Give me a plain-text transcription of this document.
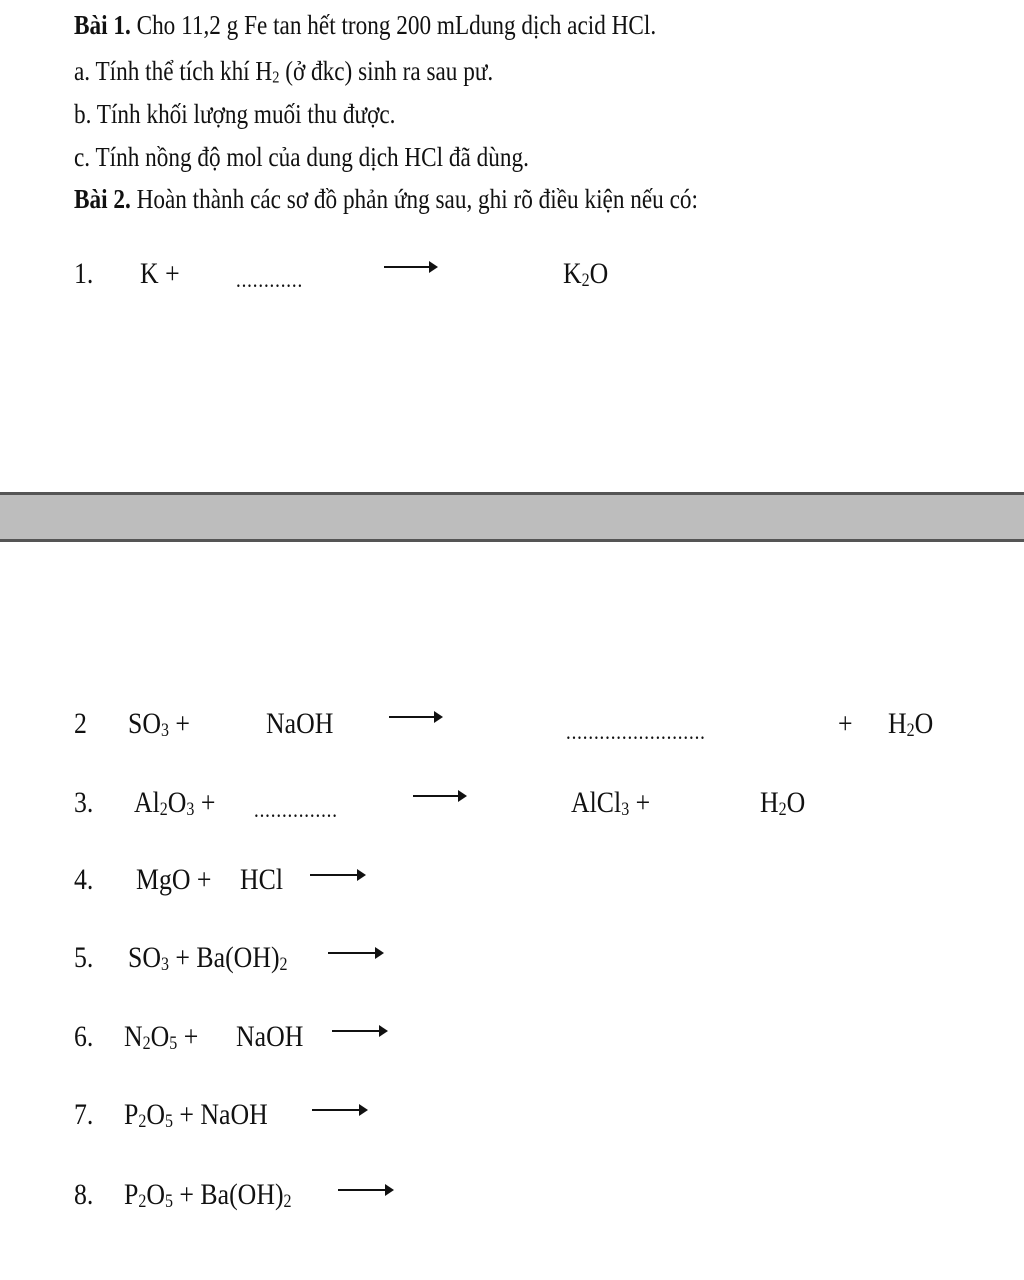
Bài 1. Cho 11,2 g Fe tan hết trong 200 mLdung dịch acid HCl.
a. Tính thể tích khí $H_2$ (ở đkc) sinh ra sau pư.
b. Tính khối lượng muối thu được.
c. Tính nồng độ mol của dung dịch HCl đã dùng.
Bài 2. Hoàn thành các sơ đồ phản ứng sau, ghi rõ điều kiện nếu có:
1. K +	............	$K_2O$
2 $SO_3$ +	NaOH	.........................	+ $H_2O$
3. $Al_2O_3$ + ...............	AlCl$_3$ +	$H_2O$
4. MgO + HCl
5. $SO_3 + Ba(OH)_2$
6. $N_2O_5$ + NaOH
7. $P_2O_5$ + NaOH
8. $P_2O_5 + Ba(OH)_2$
